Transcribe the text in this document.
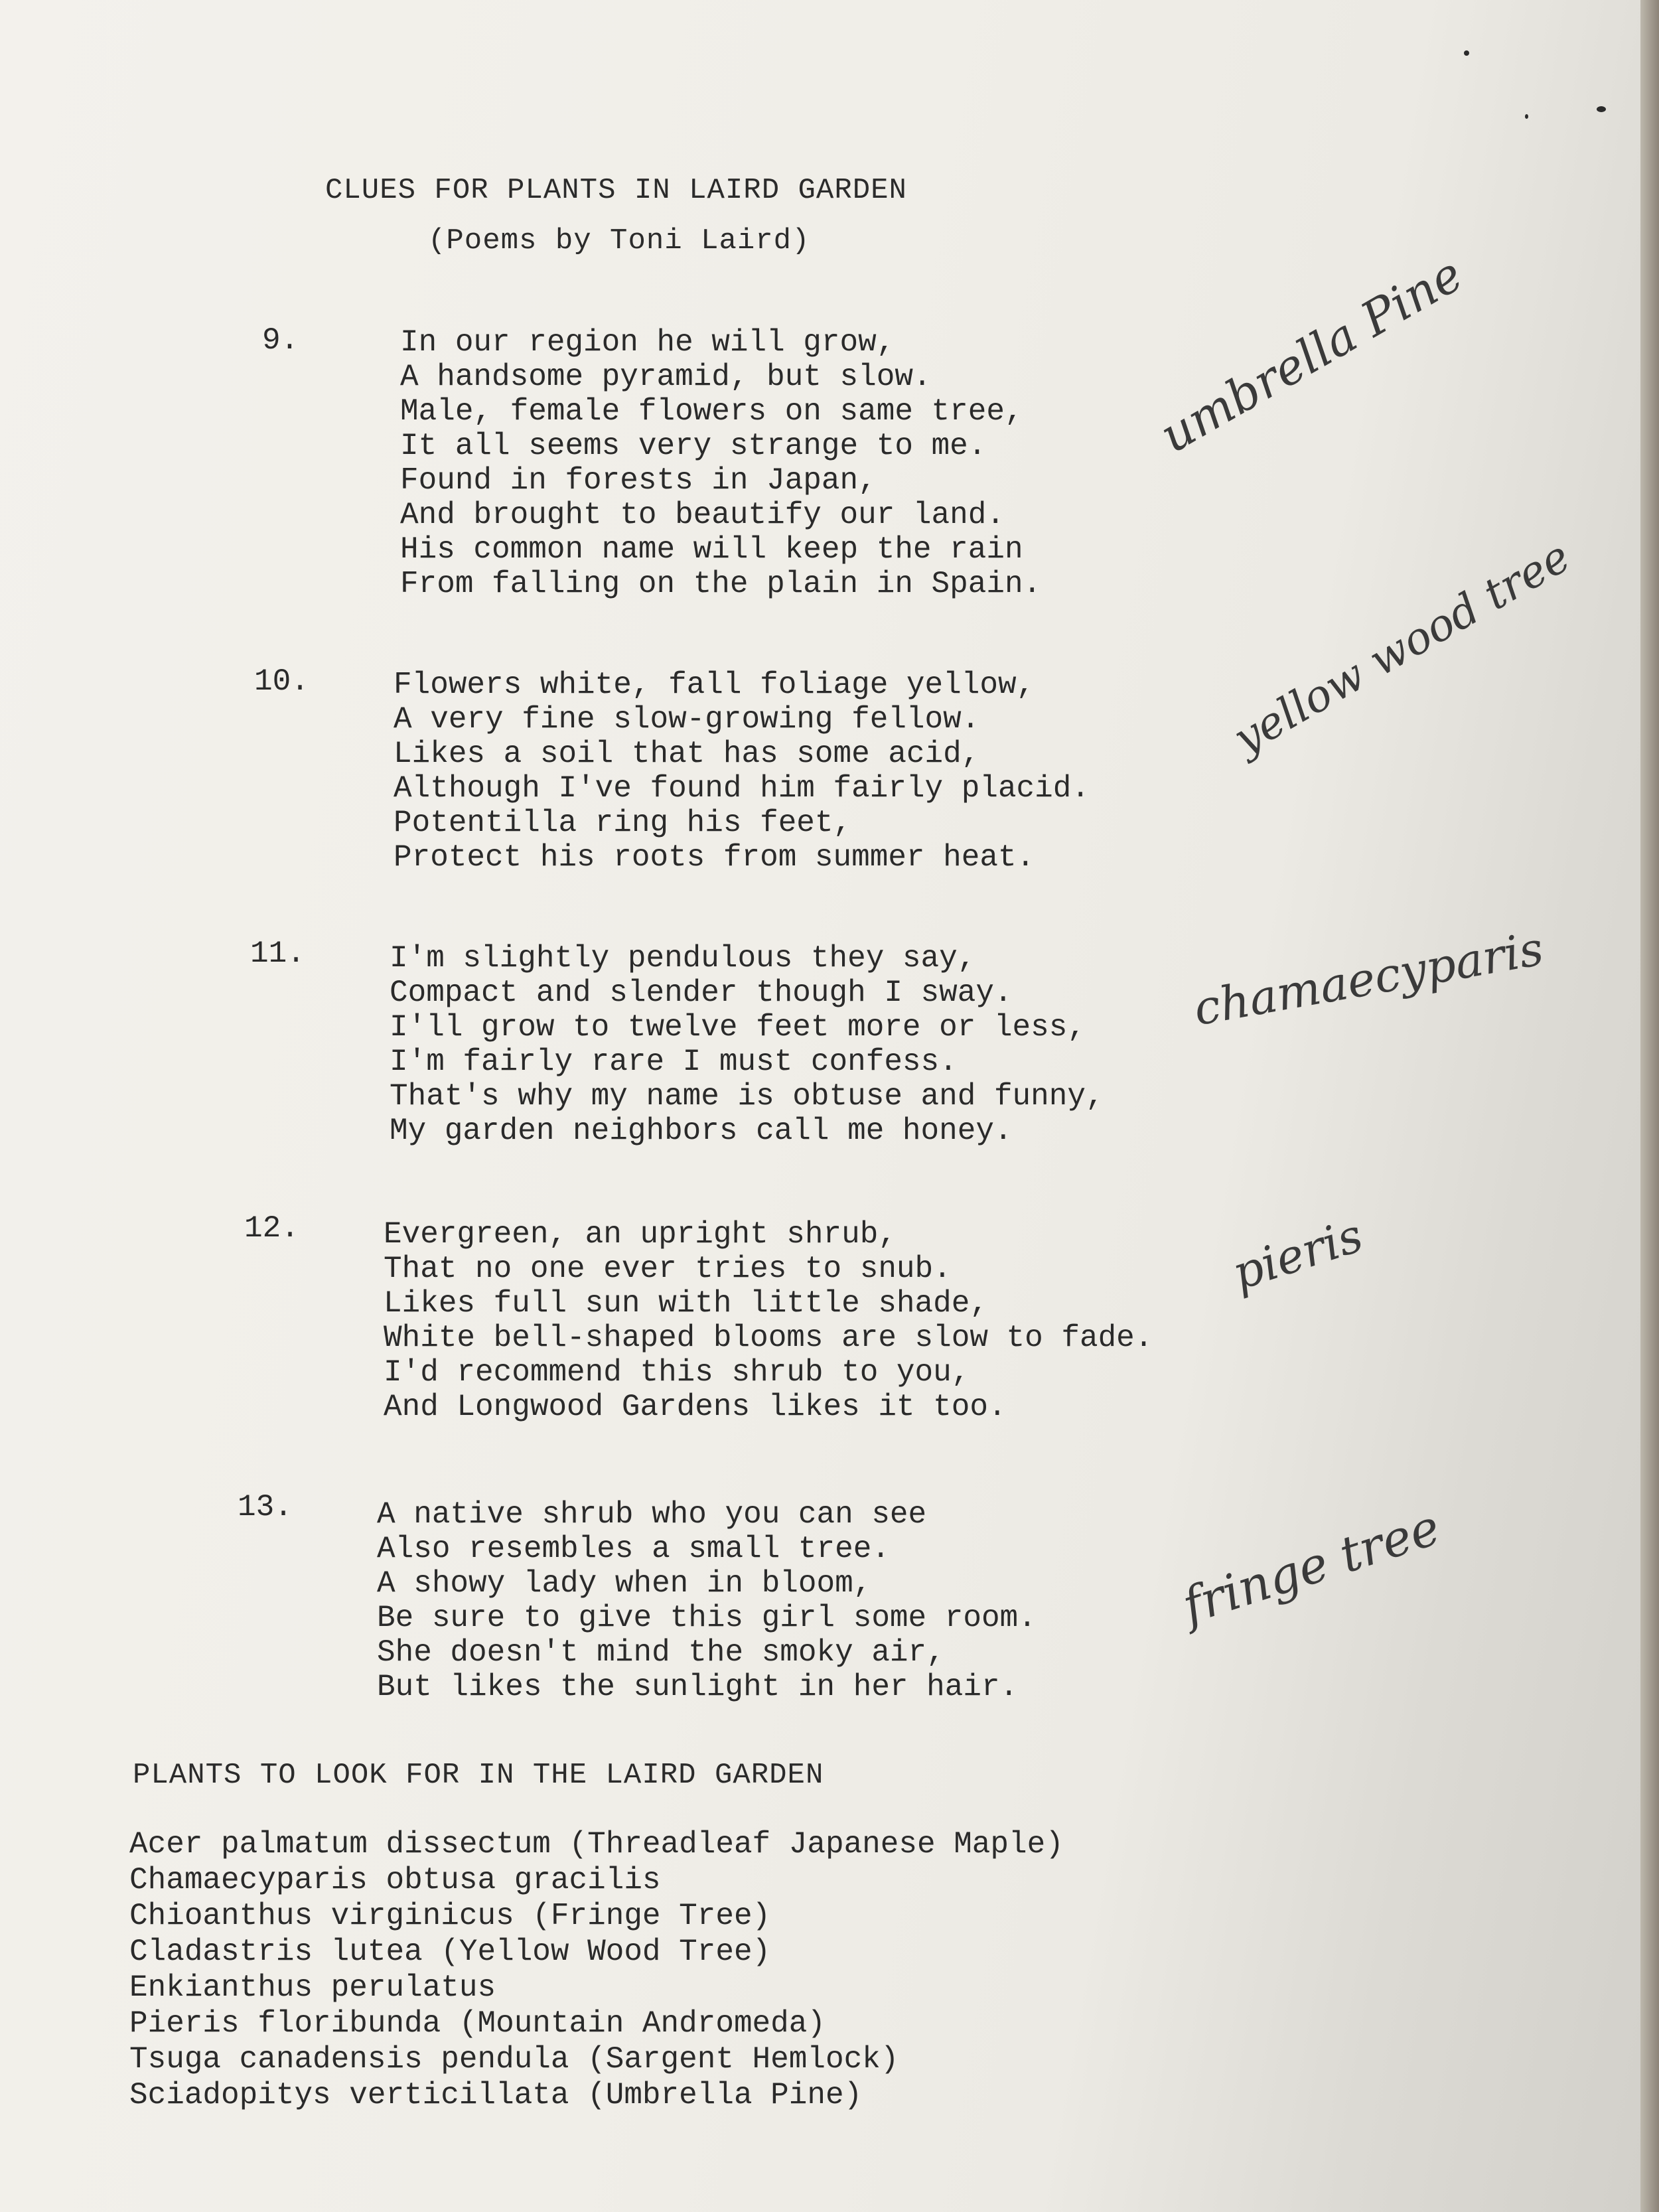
CLUES FOR PLANTS IN LAIRD GARDEN
(Poems by Toni Laird)
9.	In our region he will grow,
A handsome pyramid, but slow.
Male, female flowers on same tree,
It all seems very strange to me.
Found in forests in Japan,
And brought to beautify our land.
His common name will keep the rain
From falling on the plain in Spain.
umbrella Pine
10.	Flowers white, fall foliage yellow,
A very fine slow-growing fellow.
Likes a soil that has some acid,
Although I've found him fairly placid.
Potentilla ring his feet,
Protect his roots from summer heat.
yellow wood tree
11.	I'm slightly pendulous they say,
Compact and slender though I sway.
I'll grow to twelve feet more or less,
I'm fairly rare I must confess.
That's why my name is obtuse and funny,
My garden neighbors call me honey.
chamaecyparis
12.	Evergreen, an upright shrub,
That no one ever tries to snub.
Likes full sun with little shade,
White bell-shaped blooms are slow to fade.
I'd recommend this shrub to you,
And Longwood Gardens likes it too.
pieris
13.	A native shrub who you can see
Also resembles a small tree.
A showy lady when in bloom,
Be sure to give this girl some room.
She doesn't mind the smoky air,
But likes the sunlight in her hair.
fringe tree
PLANTS TO LOOK FOR IN THE LAIRD GARDEN
Acer palmatum dissectum (Threadleaf Japanese Maple)
Chamaecyparis obtusa gracilis
Chioanthus virginicus (Fringe Tree)
Cladastris lutea (Yellow Wood Tree)
Enkianthus perulatus
Pieris floribunda (Mountain Andromeda)
Tsuga canadensis pendula (Sargent Hemlock)
Sciadopitys verticillata (Umbrella Pine)
